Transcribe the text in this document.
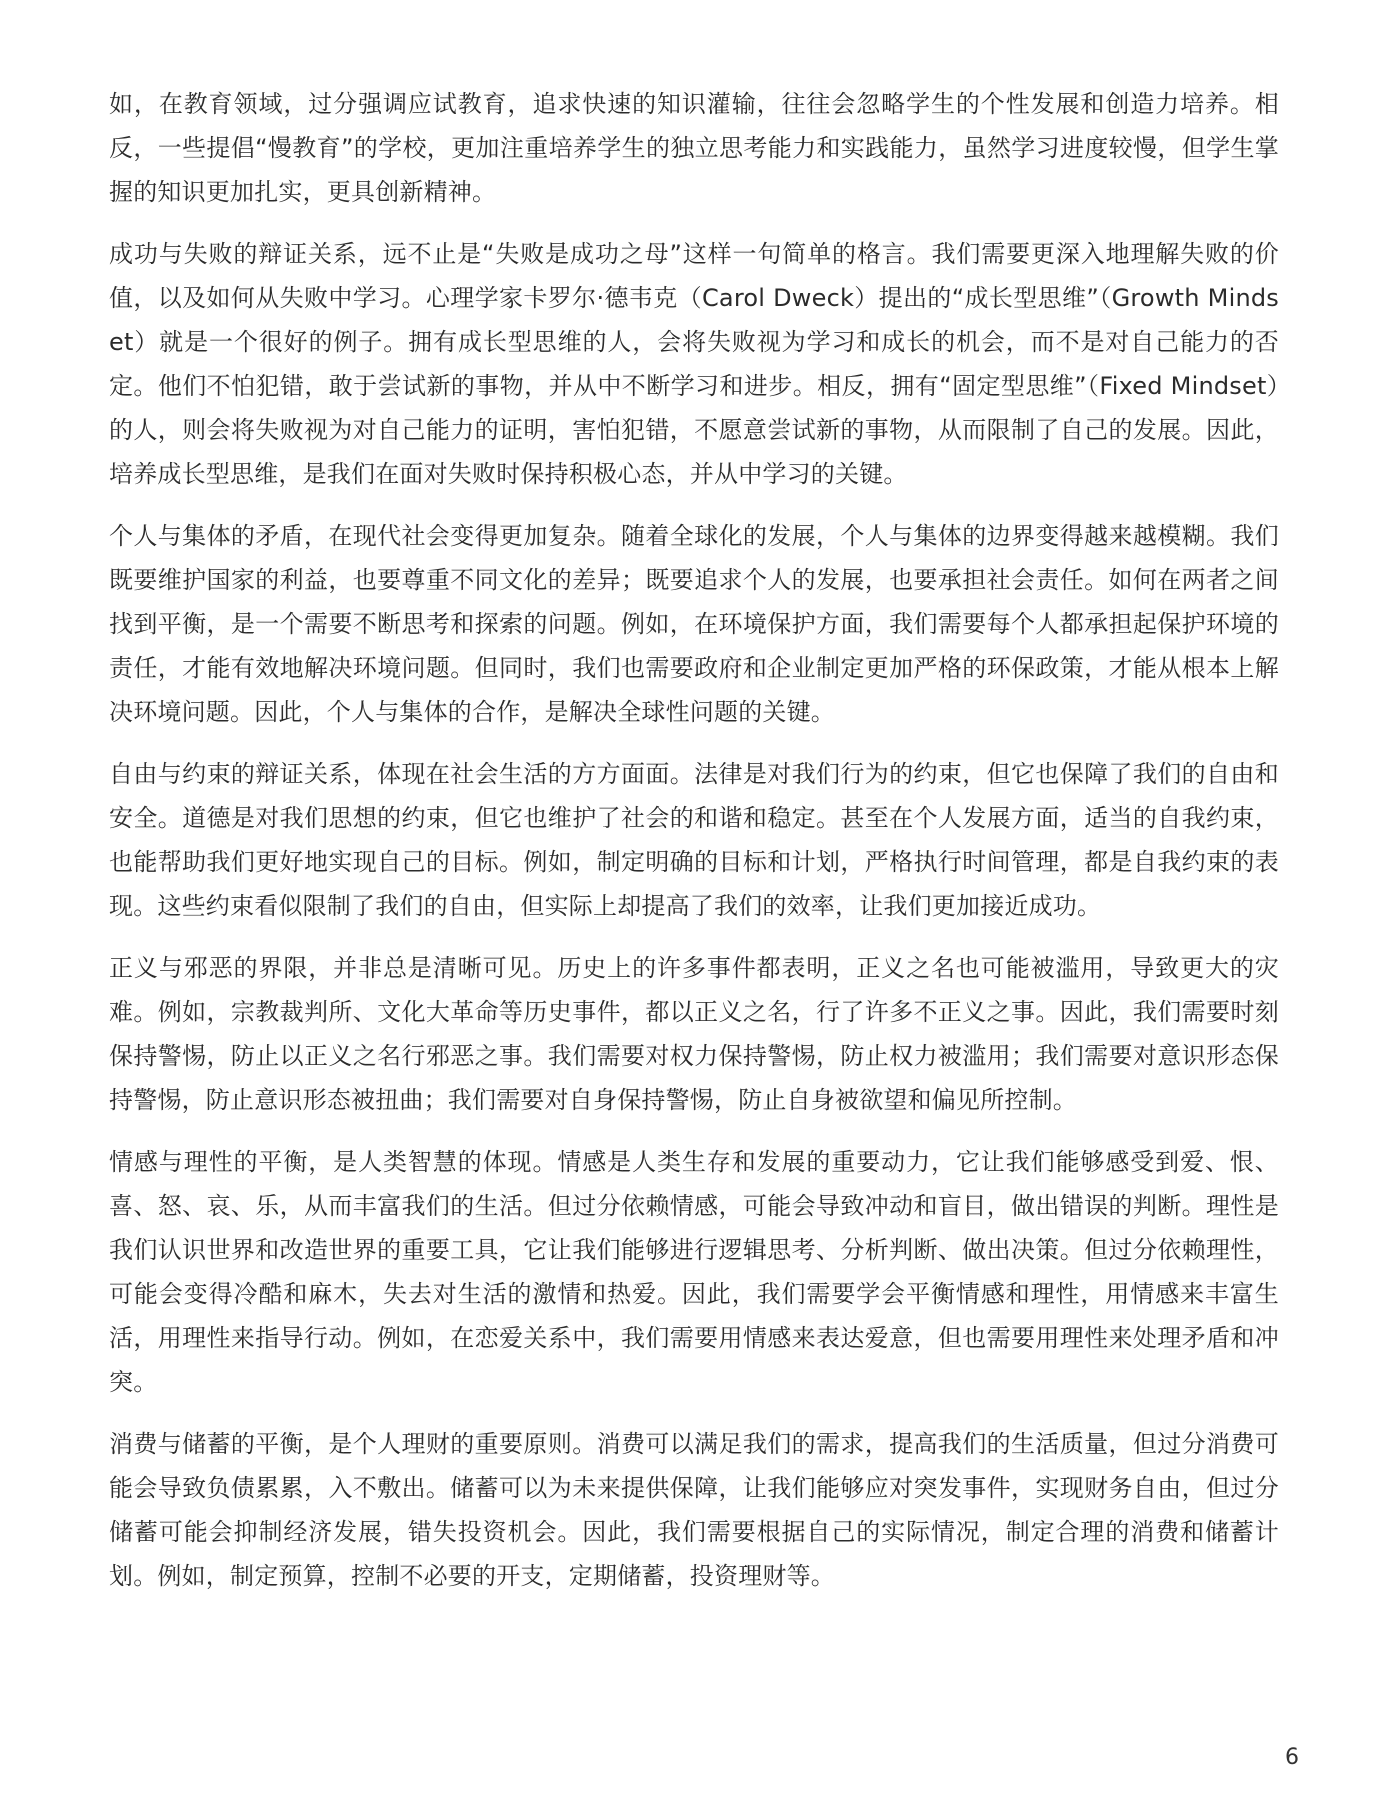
如，在教育领域，过分强调应试教育，追求快速的知识灌输，往往会忽略学生的个性发展和创造力培养。相反，一些提倡“慢教育”的学校，更加注重培养学生的独立思考能力和实践能力，虽然学习进度较慢，但学生掌握的知识更加扎实，更具创新精神。

成功与失败的辩证关系，远不止是“失败是成功之母”这样一句简单的格言。我们需要更深入地理解失败的价值，以及如何从失败中学习。心理学家卡罗尔·德韦克（Carol Dweck）提出的“成长型思维”（Growth Mindset）就是一个很好的例子。拥有成长型思维的人，会将失败视为学习和成长的机会，而不是对自己能力的否定。他们不怕犯错，敢于尝试新的事物，并从中不断学习和进步。相反，拥有“固定型思维”（Fixed Mindset）的人，则会将失败视为对自己能力的证明，害怕犯错，不愿意尝试新的事物，从而限制了自己的发展。因此，培养成长型思维，是我们在面对失败时保持积极心态，并从中学习的关键。

个人与集体的矛盾，在现代社会变得更加复杂。随着全球化的发展，个人与集体的边界变得越来越模糊。我们既要维护国家的利益，也要尊重不同文化的差异；既要追求个人的发展，也要承担社会责任。如何在两者之间找到平衡，是一个需要不断思考和探索的问题。例如，在环境保护方面，我们需要每个人都承担起保护环境的责任，才能有效地解决环境问题。但同时，我们也需要政府和企业制定更加严格的环保政策，才能从根本上解决环境问题。因此，个人与集体的合作，是解决全球性问题的关键。

自由与约束的辩证关系，体现在社会生活的方方面面。法律是对我们行为的约束，但它也保障了我们的自由和安全。道德是对我们思想的约束，但它也维护了社会的和谐和稳定。甚至在个人发展方面，适当的自我约束，也能帮助我们更好地实现自己的目标。例如，制定明确的目标和计划，严格执行时间管理，都是自我约束的表现。这些约束看似限制了我们的自由，但实际上却提高了我们的效率，让我们更加接近成功。

正义与邪恶的界限，并非总是清晰可见。历史上的许多事件都表明，正义之名也可能被滥用，导致更大的灾难。例如，宗教裁判所、文化大革命等历史事件，都以正义之名，行了许多不正义之事。因此，我们需要时刻保持警惕，防止以正义之名行邪恶之事。我们需要对权力保持警惕，防止权力被滥用；我们需要对意识形态保持警惕，防止意识形态被扭曲；我们需要对自身保持警惕，防止自身被欲望和偏见所控制。

情感与理性的平衡，是人类智慧的体现。情感是人类生存和发展的重要动力，它让我们能够感受到爱、恨、喜、怒、哀、乐，从而丰富我们的生活。但过分依赖情感，可能会导致冲动和盲目，做出错误的判断。理性是我们认识世界和改造世界的重要工具，它让我们能够进行逻辑思考、分析判断、做出决策。但过分依赖理性，可能会变得冷酷和麻木，失去对生活的激情和热爱。因此，我们需要学会平衡情感和理性，用情感来丰富生活，用理性来指导行动。例如，在恋爱关系中，我们需要用情感来表达爱意，但也需要用理性来处理矛盾和冲突。

消费与储蓄的平衡，是个人理财的重要原则。消费可以满足我们的需求，提高我们的生活质量，但过分消费可能会导致负债累累，入不敷出。储蓄可以为未来提供保障，让我们能够应对突发事件，实现财务自由，但过分储蓄可能会抑制经济发展，错失投资机会。因此，我们需要根据自己的实际情况，制定合理的消费和储蓄计划。例如，制定预算，控制不必要的开支，定期储蓄，投资理财等。

6
